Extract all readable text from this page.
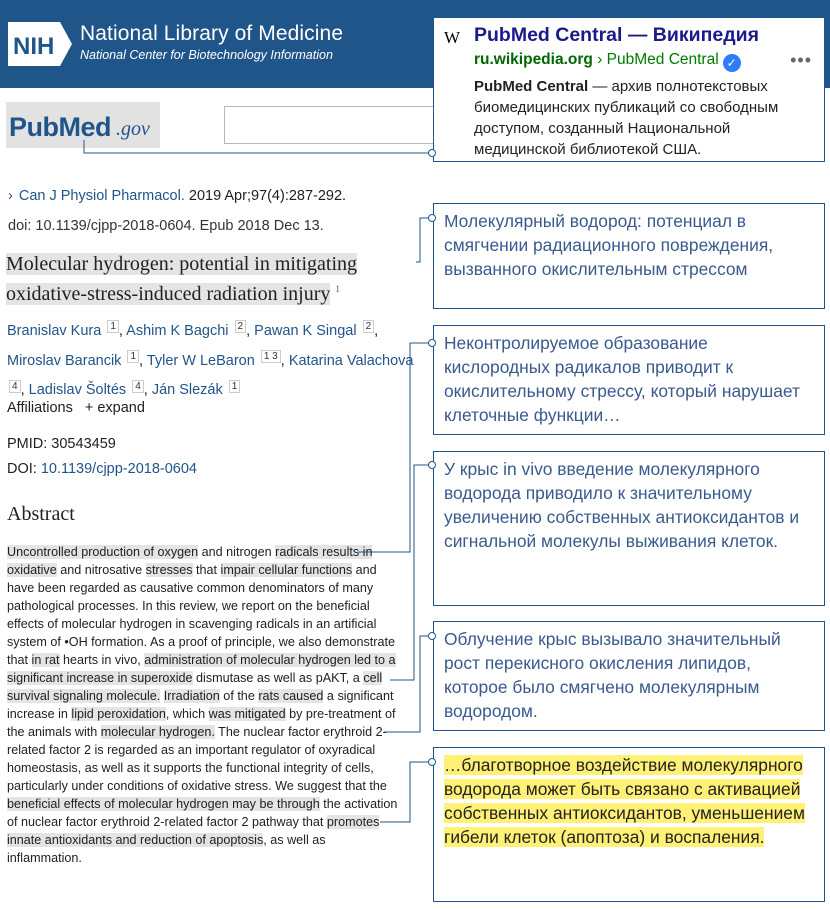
NIH National Library of Medicine
National Center for Biotechnology Information
PubMed .gov
W PubMed Central — Википедия
ru.wikipedia.org › PubMed Central ✓	•••
PubMed Central — архив полнотекстовых биомедицинских публикаций со свободным доступом, созданный Национальной медицинской библиотекой США.
› Can J Physiol Pharmacol. 2019 Apr;97(4):287-292.
doi: 10.1139/cjpp-2018-0604. Epub 2018 Dec 13.
Molecular hydrogen: potential in mitigating oxidative-stress-induced radiation injury $^1$
Branislav Kura $^1$ , Ashim K Bagchi $^2$ , Pawan K Singal $^2$ , Miroslav Barancik $^1$ , Tyler W LeBaron $^{1 3}$ , Katarina Valachova $^4$ , Ladislav Šoltés $^4$ , Ján Slezák $^1$
Affiliations + expand
PMID: 30543459
DOI: 10.1139/cjpp-2018-0604
Abstract
Uncontrolled production of oxygen and nitrogen radicals results in oxidative and nitrosative stresses that impair cellular functions and have been regarded as causative common denominators of many pathological processes. In this review, we report on the beneficial effects of molecular hydrogen in scavenging radicals in an artificial system of •OH formation. As a proof of principle, we also demonstrate that in rat hearts in vivo, administration of molecular hydrogen led to a significant increase in superoxide dismutase as well as pAKT, a cell survival signaling molecule. Irradiation of the rats caused a significant increase in lipid peroxidation, which was mitigated by pre-treatment of the animals with molecular hydrogen. The nuclear factor erythroid 2-related factor 2 is regarded as an important regulator of oxyradical homeostasis, as well as it supports the functional integrity of cells, particularly under conditions of oxidative stress. We suggest that the beneficial effects of molecular hydrogen may be through the activation of nuclear factor erythroid 2-related factor 2 pathway that promotes innate antioxidants and reduction of apoptosis, as well as inflammation.
Молекулярный водород: потенциал в смягчении радиационного повреждения, вызванного окислительным стрессом
Неконтролируемое образование кислородных радикалов приводит к окислительному стрессу, который нарушает клеточные функции…
У крыс in vivo введение молекулярного водорода приводило к значительному увеличению собственных антиоксидантов и сигнальной молекулы выживания клеток.
Облучение крыс вызывало значительный рост перекисного окисления липидов, которое было смягчено молекулярным водородом.
…благотворное воздействие молекулярного водорода может быть связано с активацией собственных антиоксидантов, уменьшением гибели клеток (апоптоза) и воспаления.
